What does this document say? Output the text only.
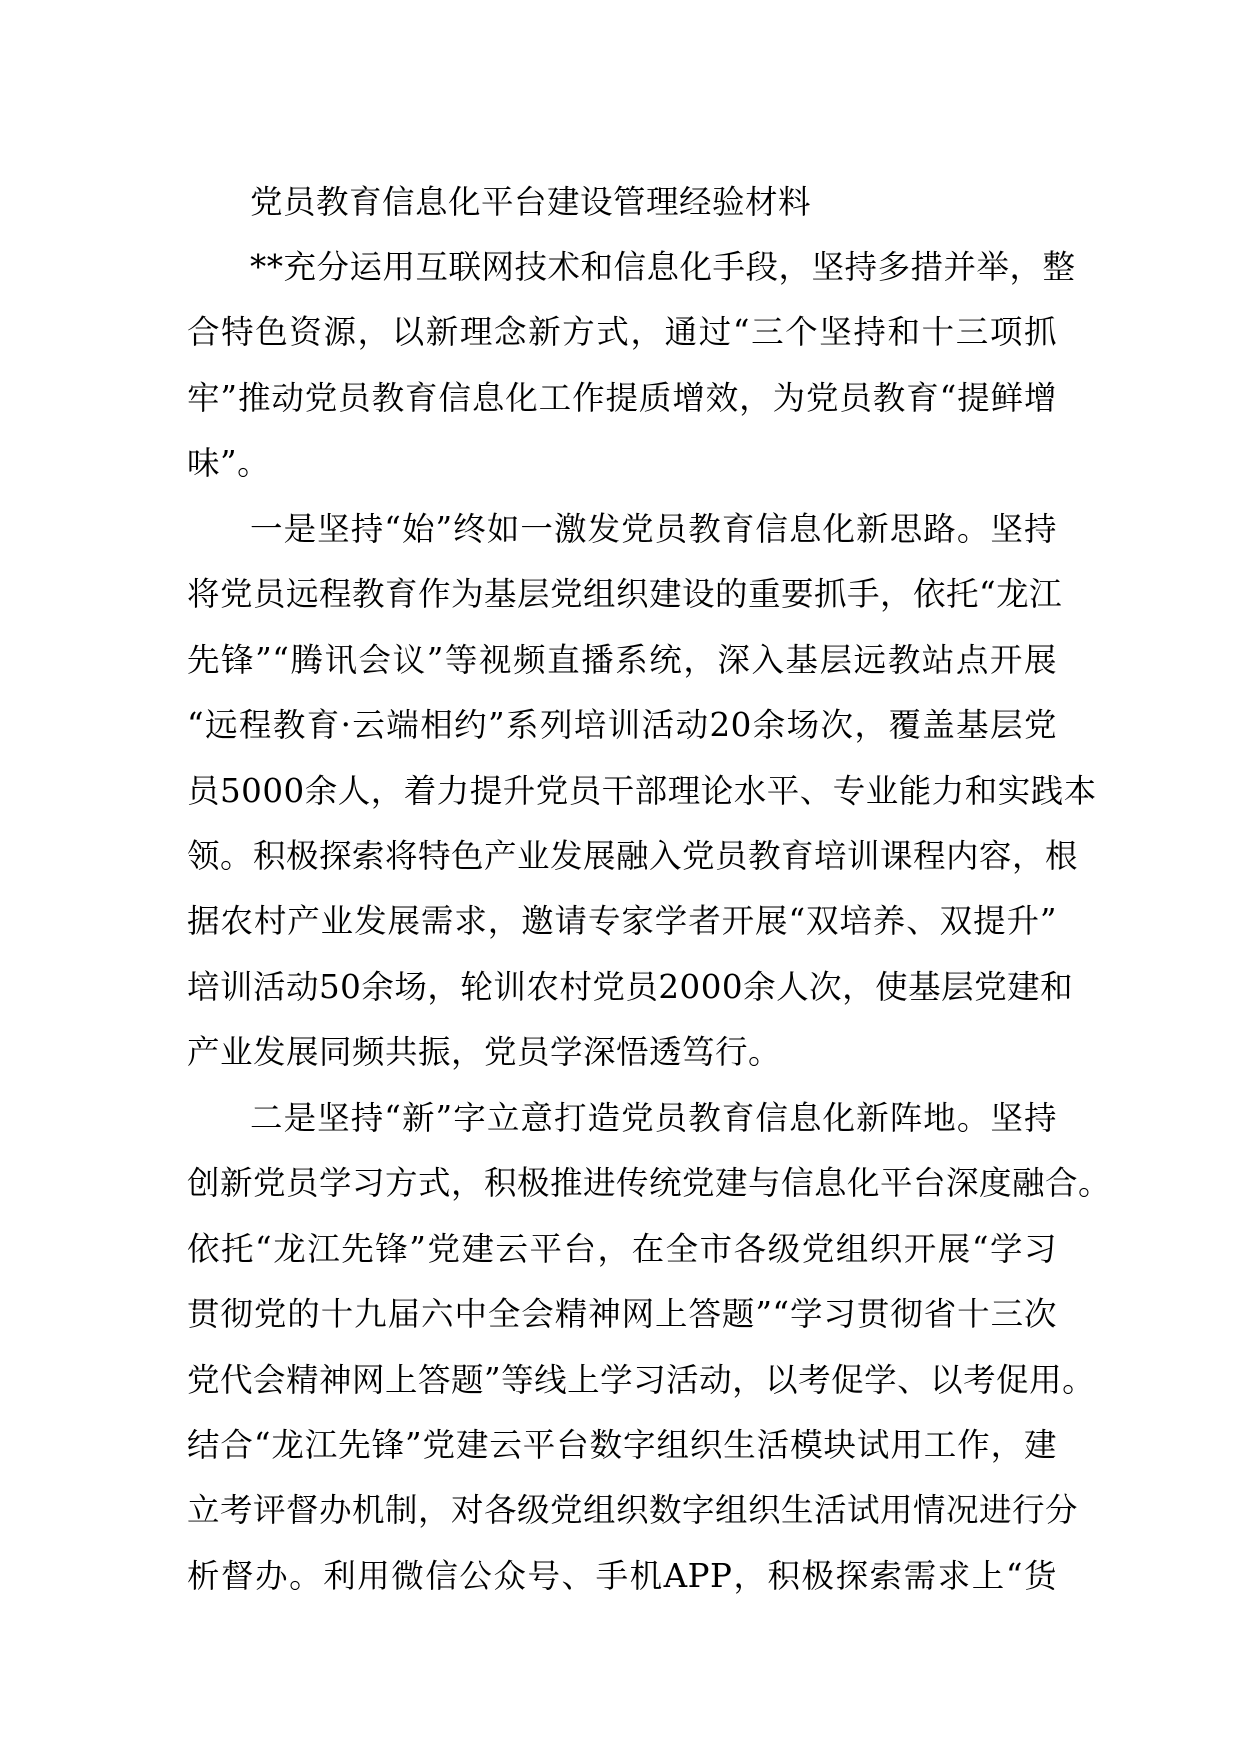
党员教育信息化平台建设管理经验材料
**充分运用互联网技术和信息化手段，坚持多措并举，整
合特色资源，以新理念新方式，通过“三个坚持和十三项抓
牢”推动党员教育信息化工作提质增效，为党员教育“提鲜增
味”。
一是坚持“始”终如一激发党员教育信息化新思路。坚持
将党员远程教育作为基层党组织建设的重要抓手，依托“龙江
先锋”“腾讯会议”等视频直播系统，深入基层远教站点开展
“远程教育·云端相约”系列培训活动20余场次，覆盖基层党
员5000余人，着力提升党员干部理论水平、专业能力和实践本
领。积极探索将特色产业发展融入党员教育培训课程内容，根
据农村产业发展需求，邀请专家学者开展“双培养、双提升”
培训活动50余场，轮训农村党员2000余人次，使基层党建和
产业发展同频共振，党员学深悟透笃行。
二是坚持“新”字立意打造党员教育信息化新阵地。坚持
创新党员学习方式，积极推进传统党建与信息化平台深度融合。
依托“龙江先锋”党建云平台，在全市各级党组织开展“学习
贯彻党的十九届六中全会精神网上答题”“学习贯彻省十三次
党代会精神网上答题”等线上学习活动，以考促学、以考促用。
结合“龙江先锋”党建云平台数字组织生活模块试用工作，建
立考评督办机制，对各级党组织数字组织生活试用情况进行分
析督办。利用微信公众号、手机APP，积极探索需求上“货
